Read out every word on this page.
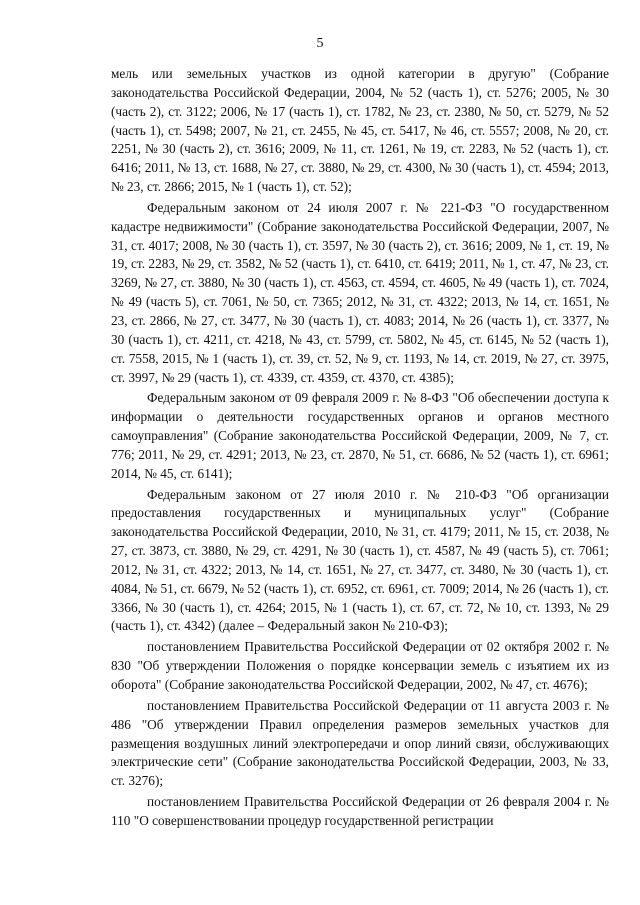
5

мель или земельных участков из одной категории в другую" (Собрание законодательства Российской Федерации, 2004, № 52 (часть 1), ст. 5276; 2005, № 30 (часть 2), ст. 3122; 2006, № 17 (часть 1), ст. 1782, № 23, ст. 2380, № 50, ст. 5279, № 52 (часть 1), ст. 5498; 2007, № 21, ст. 2455, № 45, ст. 5417, № 46, ст. 5557; 2008, № 20, ст. 2251, № 30 (часть 2), ст. 3616; 2009, № 11, ст. 1261, № 19, ст. 2283, № 52 (часть 1), ст. 6416; 2011, № 13, ст. 1688, № 27, ст. 3880, № 29, ст. 4300, № 30 (часть 1), ст. 4594; 2013, № 23, ст. 2866; 2015, № 1 (часть 1), ст. 52);

Федеральным законом от 24 июля 2007 г. № 221-ФЗ "О государственном кадастре недвижимости" (Собрание законодательства Российской Федерации, 2007, № 31, ст. 4017; 2008, № 30 (часть 1), ст. 3597, № 30 (часть 2), ст. 3616; 2009, № 1, ст. 19, № 19, ст. 2283, № 29, ст. 3582, № 52 (часть 1), ст. 6410, ст. 6419; 2011, № 1, ст. 47, № 23, ст. 3269, № 27, ст. 3880, № 30 (часть 1), ст. 4563, ст. 4594, ст. 4605, № 49 (часть 1), ст. 7024, № 49 (часть 5), ст. 7061, № 50, ст. 7365; 2012, № 31, ст. 4322; 2013, № 14, ст. 1651, № 23, ст. 2866, № 27, ст. 3477, № 30 (часть 1), ст. 4083; 2014, № 26 (часть 1), ст. 3377, № 30 (часть 1), ст. 4211, ст. 4218, № 43, ст. 5799, ст. 5802, № 45, ст. 6145, № 52 (часть 1), ст. 7558, 2015, № 1 (часть 1), ст. 39, ст. 52, № 9, ст. 1193, № 14, ст. 2019, № 27, ст. 3975, ст. 3997, № 29 (часть 1), ст. 4339, ст. 4359, ст. 4370, ст. 4385);

Федеральным законом от 09 февраля 2009 г. № 8-ФЗ "Об обеспечении доступа к информации о деятельности государственных органов и органов местного самоуправления" (Собрание законодательства Российской Федерации, 2009, № 7, ст. 776; 2011, № 29, ст. 4291; 2013, № 23, ст. 2870, № 51, ст. 6686, № 52 (часть 1), ст. 6961; 2014, № 45, ст. 6141);

Федеральным законом от 27 июля 2010 г. № 210-ФЗ "Об организации предоставления государственных и муниципальных услуг" (Собрание законодательства Российской Федерации, 2010, № 31, ст. 4179; 2011, № 15, ст. 2038, № 27, ст. 3873, ст. 3880, № 29, ст. 4291, № 30 (часть 1), ст. 4587, № 49 (часть 5), ст. 7061; 2012, № 31, ст. 4322; 2013, № 14, ст. 1651, № 27, ст. 3477, ст. 3480, № 30 (часть 1), ст. 4084, № 51, ст. 6679, № 52 (часть 1), ст. 6952, ст. 6961, ст. 7009; 2014, № 26 (часть 1), ст. 3366, № 30 (часть 1), ст. 4264; 2015, № 1 (часть 1), ст. 67, ст. 72, № 10, ст. 1393, № 29 (часть 1), ст. 4342) (далее – Федеральный закон № 210-ФЗ);

постановлением Правительства Российской Федерации от 02 октября 2002 г. № 830 "Об утверждении Положения о порядке консервации земель с изъятием их из оборота" (Собрание законодательства Российской Федерации, 2002, № 47, ст. 4676);

постановлением Правительства Российской Федерации от 11 августа 2003 г. № 486 "Об утверждении Правил определения размеров земельных участков для размещения воздушных линий электропередачи и опор линий связи, обслуживающих электрические сети" (Собрание законодательства Российской Федерации, 2003, № 33, ст. 3276);

постановлением Правительства Российской Федерации от 26 февраля 2004 г. № 110 "О совершенствовании процедур государственной регистрации
